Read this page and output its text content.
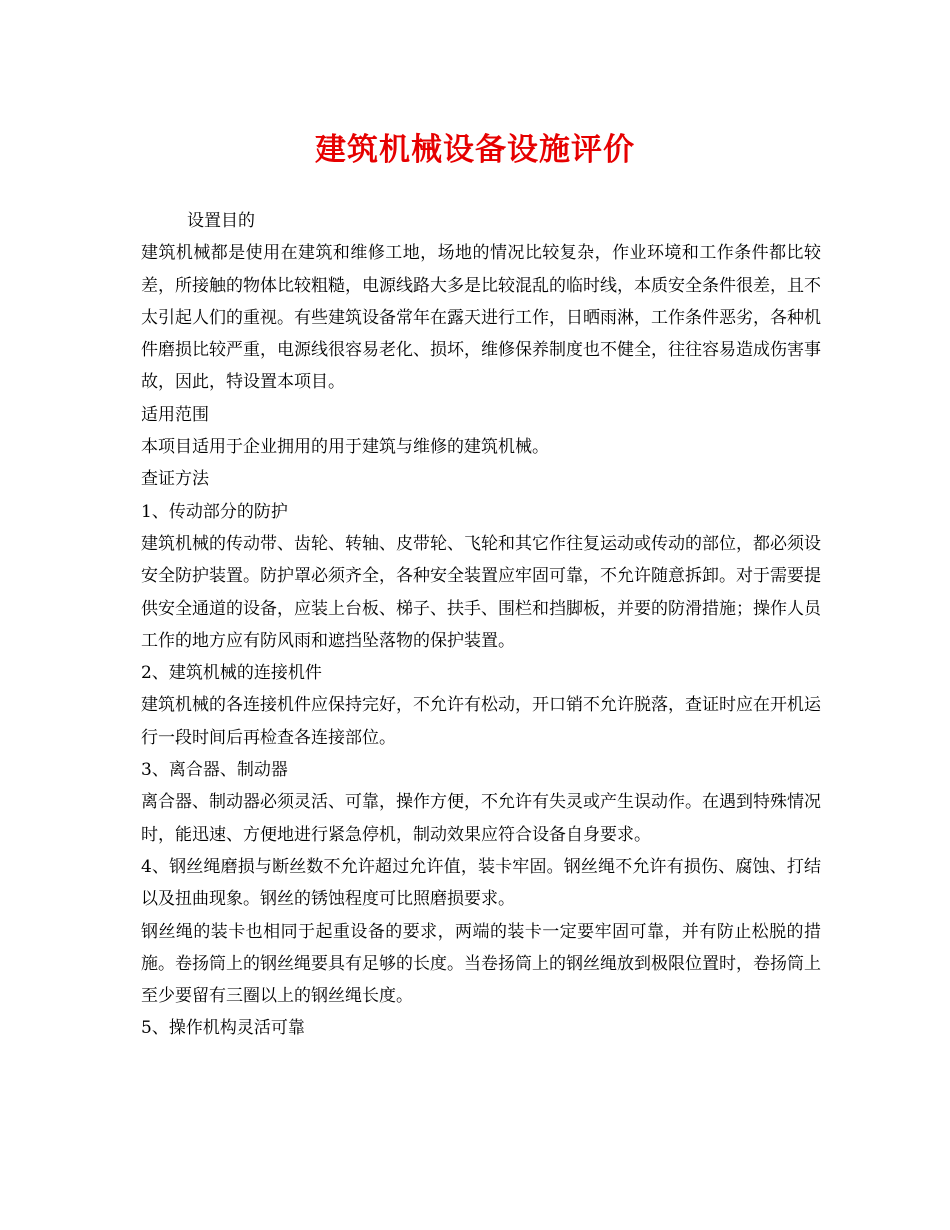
建筑机械设备设施评价

设置目的

建筑机械都是使用在建筑和维修工地，场地的情况比较复杂，作业环境和工作条件都比较差，所接触的物体比较粗糙，电源线路大多是比较混乱的临时线，本质安全条件很差，且不太引起人们的重视。有些建筑设备常年在露天进行工作，日晒雨淋，工作条件恶劣，各种机件磨损比较严重，电源线很容易老化、损坏，维修保养制度也不健全，往往容易造成伤害事故，因此，特设置本项目。

适用范围

本项目适用于企业拥用的用于建筑与维修的建筑机械。

查证方法

1、传动部分的防护

建筑机械的传动带、齿轮、转轴、皮带轮、飞轮和其它作往复运动或传动的部位，都必须设安全防护装置。防护罩必须齐全，各种安全装置应牢固可靠，不允许随意拆卸。对于需要提供安全通道的设备，应装上台板、梯子、扶手、围栏和挡脚板，并要的防滑措施；操作人员工作的地方应有防风雨和遮挡坠落物的保护装置。

2、建筑机械的连接机件

建筑机械的各连接机件应保持完好，不允许有松动，开口销不允许脱落，查证时应在开机运行一段时间后再检查各连接部位。

3、离合器、制动器

离合器、制动器必须灵活、可靠，操作方便，不允许有失灵或产生误动作。在遇到特殊情况时，能迅速、方便地进行紧急停机，制动效果应符合设备自身要求。

4、钢丝绳磨损与断丝数不允许超过允许值，装卡牢固。钢丝绳不允许有损伤、腐蚀、打结以及扭曲现象。钢丝的锈蚀程度可比照磨损要求。

钢丝绳的装卡也相同于起重设备的要求，两端的装卡一定要牢固可靠，并有防止松脱的措施。卷扬筒上的钢丝绳要具有足够的长度。当卷扬筒上的钢丝绳放到极限位置时，卷扬筒上至少要留有三圈以上的钢丝绳长度。

5、操作机构灵活可靠
